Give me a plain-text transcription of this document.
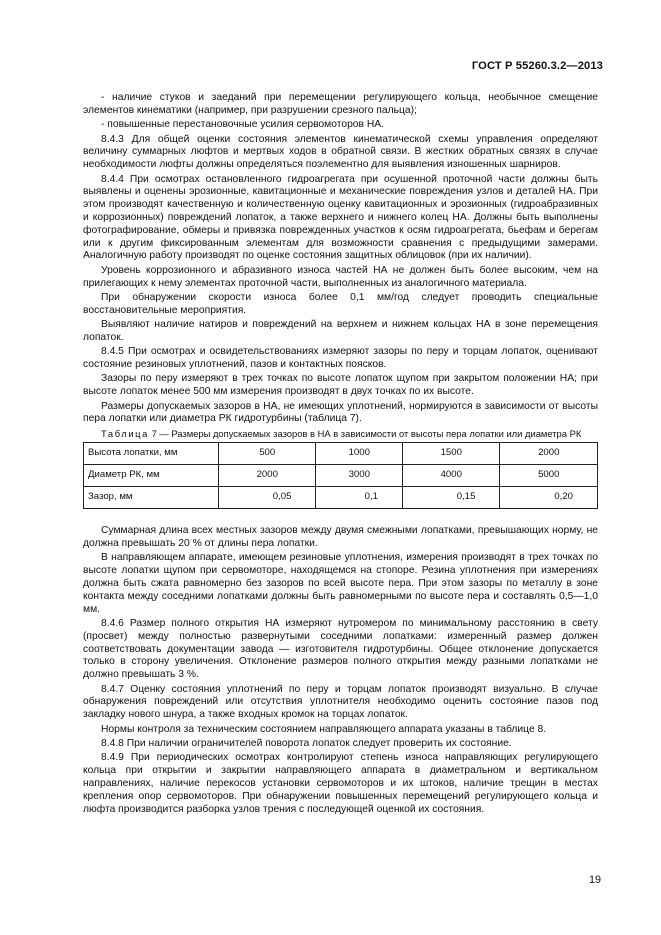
ГОСТ Р 55260.3.2—2013

- наличие стуков и заеданий при перемещении регулирующего кольца, необычное смещение элементов кинематики (например, при разрушении срезного пальца);

- повышенные перестановочные усилия сервомоторов НА.

8.4.3 Для общей оценки состояния элементов кинематической схемы управления определяют величину суммарных люфтов и мертвых ходов в обратной связи. В жестких обратных связях в случае необходимости люфты должны определяться поэлементно для выявления изношенных шарниров.

8.4.4 При осмотрах остановленного гидроагрегата при осушенной проточной части должны быть выявлены и оценены эрозионные, кавитационные и механические повреждения узлов и деталей НА. При этом производят качественную и количественную оценку кавитационных и эрозионных (гидроабразивных и коррозионных) повреждений лопаток, а также верхнего и нижнего колец НА. Должны быть выполнены фотографирование, обмеры и привязка поврежденных участков к осям гидроагрегата, бьефам и берегам или к другим фиксированным элементам для возможности сравнения с предыдущими замерами. Аналогичную работу производят по оценке состояния защитных облицовок (при их наличии).

Уровень коррозионного и абразивного износа частей НА не должен быть более высоким, чем на прилегающих к нему элементах проточной части, выполненных из аналогичного материала.

При обнаружении скорости износа более 0,1 мм/год следует проводить специальные восстановительные мероприятия.

Выявляют наличие натиров и повреждений на верхнем и нижнем кольцах НА в зоне перемещения лопаток.

8.4.5 При осмотрах и освидетельствованиях измеряют зазоры по перу и торцам лопаток, оценивают состояние резиновых уплотнений, пазов и контактных поясков.

Зазоры по перу измеряют в трех точках по высоте лопаток щупом при закрытом положении НА; при высоте лопаток менее 500 мм измерения производят в двух точках по их высоте.

Размеры допускаемых зазоров в НА, не имеющих уплотнений, нормируются в зависимости от высоты пера лопатки или диаметра РК гидротурбины (таблица 7).

Таблица 7 — Размеры допускаемых зазоров в НА в зависимости от высоты пера лопатки или диаметра РК

Высота лопатки, мм	500	1000	1500	2000
Диаметр РК, мм	2000	3000	4000	5000
Зазор, мм	0,05	0,1	0,15	0,20

Суммарная длина всех местных зазоров между двумя смежными лопатками, превышающих норму, не должна превышать 20 % от длины пера лопатки.

В направляющем аппарате, имеющем резиновые уплотнения, измерения производят в трех точках по высоте лопатки щупом при сервомоторе, находящемся на стопоре. Резина уплотнения при измерениях должна быть сжата равномерно без зазоров по всей высоте пера. При этом зазоры по металлу в зоне контакта между соседними лопатками должны быть равномерными по высоте пера и составлять 0,5—1,0 мм.

8.4.6 Размер полного открытия НА измеряют нутромером по минимальному расстоянию в свету (просвет) между полностью развернутыми соседними лопатками: измеренный размер должен соответствовать документации завода — изготовителя гидротурбины. Общее отклонение допускается только в сторону увеличения. Отклонение размеров полного открытия между разными лопатками не должно превышать 3 %.

8.4.7 Оценку состояния уплотнений по перу и торцам лопаток производят визуально. В случае обнаружения повреждений или отсутствия уплотнителя необходимо оценить состояние пазов под закладку нового шнура, а также входных кромок на торцах лопаток.

Нормы контроля за техническим состоянием направляющего аппарата указаны в таблице 8.

8.4.8 При наличии ограничителей поворота лопаток следует проверить их состояние.

8.4.9 При периодических осмотрах контролируют степень износа направляющих регулирующего кольца при открытии и закрытии направляющего аппарата в диаметральном и вертикальном направлениях, наличие перекосов установки сервомоторов и их штоков, наличие трещин в местах крепления опор сервомоторов. При обнаружении повышенных перемещений регулирующего кольца и люфта производится разборка узлов трения с последующей оценкой их состояния.

19
